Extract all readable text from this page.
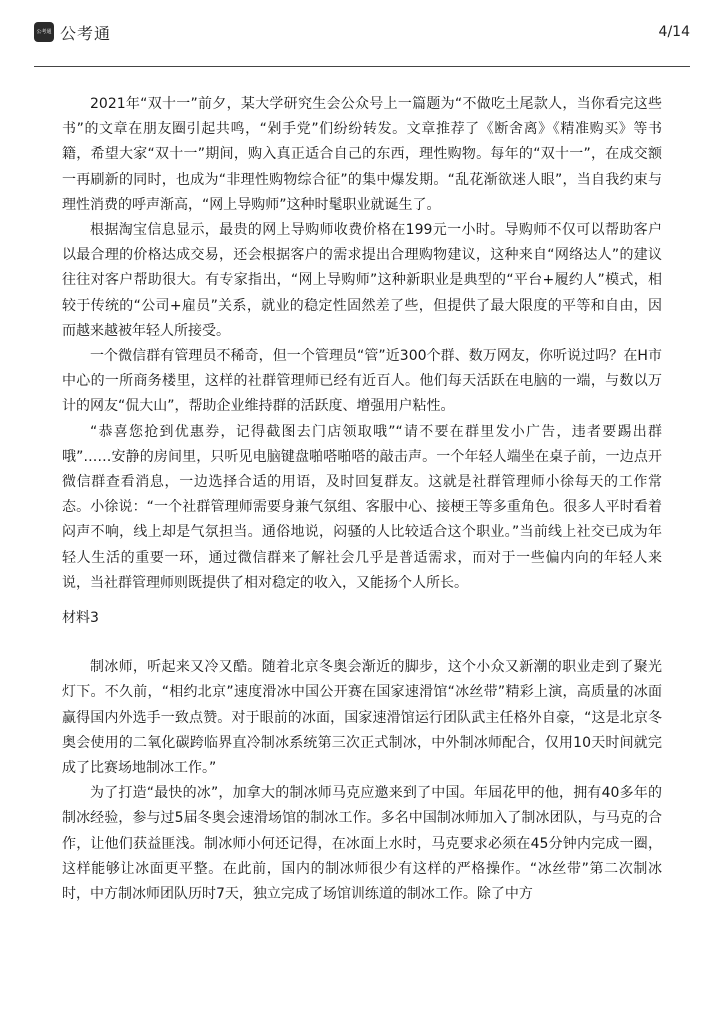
公考通 公考通	4/14

2021年“双十一”前夕，某大学研究生会公众号上一篇题为“不做吃土尾款人，当你看完这些书”的文章在朋友圈引起共鸣，“剁手党”们纷纷转发。文章推荐了《断舍离》《精准购买》等书籍，希望大家“双十一”期间，购入真正适合自己的东西，理性购物。每年的“双十一”，在成交额一再刷新的同时，也成为“非理性购物综合征”的集中爆发期。“乱花渐欲迷人眼”，当自我约束与理性消费的呼声渐高，“网上导购师”这种时髦职业就诞生了。

根据淘宝信息显示，最贵的网上导购师收费价格在199元一小时。导购师不仅可以帮助客户以最合理的价格达成交易，还会根据客户的需求提出合理购物建议，这种来自“网络达人”的建议往往对客户帮助很大。有专家指出，“网上导购师”这种新职业是典型的“平台+履约人”模式，相较于传统的“公司+雇员”关系，就业的稳定性固然差了些，但提供了最大限度的平等和自由，因而越来越被年轻人所接受。

一个微信群有管理员不稀奇，但一个管理员“管”近300个群、数万网友，你听说过吗？在H市中心的一所商务楼里，这样的社群管理师已经有近百人。他们每天活跃在电脑的一端，与数以万计的网友“侃大山”，帮助企业维持群的活跃度、增强用户粘性。

“恭喜您抢到优惠券，记得截图去门店领取哦”“请不要在群里发小广告，违者要踢出群哦”……安静的房间里，只听见电脑键盘啪嗒啪嗒的敲击声。一个年轻人端坐在桌子前，一边点开微信群查看消息，一边选择合适的用语，及时回复群友。这就是社群管理师小徐每天的工作常态。小徐说：“一个社群管理师需要身兼气氛组、客服中心、接梗王等多重角色。很多人平时看着闷声不响，线上却是气氛担当。通俗地说，闷骚的人比较适合这个职业。”当前线上社交已成为年轻人生活的重要一环，通过微信群来了解社会几乎是普适需求，而对于一些偏内向的年轻人来说，当社群管理师则既提供了相对稳定的收入，又能扬个人所长。

材料3

制冰师，听起来又冷又酷。随着北京冬奥会渐近的脚步，这个小众又新潮的职业走到了聚光灯下。不久前，“相约北京”速度滑冰中国公开赛在国家速滑馆“冰丝带”精彩上演，高质量的冰面赢得国内外选手一致点赞。对于眼前的冰面，国家速滑馆运行团队武主任格外自豪，“这是北京冬奥会使用的二氧化碳跨临界直冷制冰系统第三次正式制冰，中外制冰师配合，仅用10天时间就完成了比赛场地制冰工作。”

为了打造“最快的冰”，加拿大的制冰师马克应邀来到了中国。年屆花甲的他，拥有40多年的制冰经验，参与过5届冬奥会速滑场馆的制冰工作。多名中国制冰师加入了制冰团队，与马克的合作，让他们获益匪浅。制冰师小何还记得，在冰面上水时，马克要求必须在45分钟内完成一圈，这样能够让冰面更平整。在此前，国内的制冰师很少有这样的严格操作。“冰丝带”第二次制冰时，中方制冰师团队历时7天，独立完成了场馆训练道的制冰工作。除了中方
